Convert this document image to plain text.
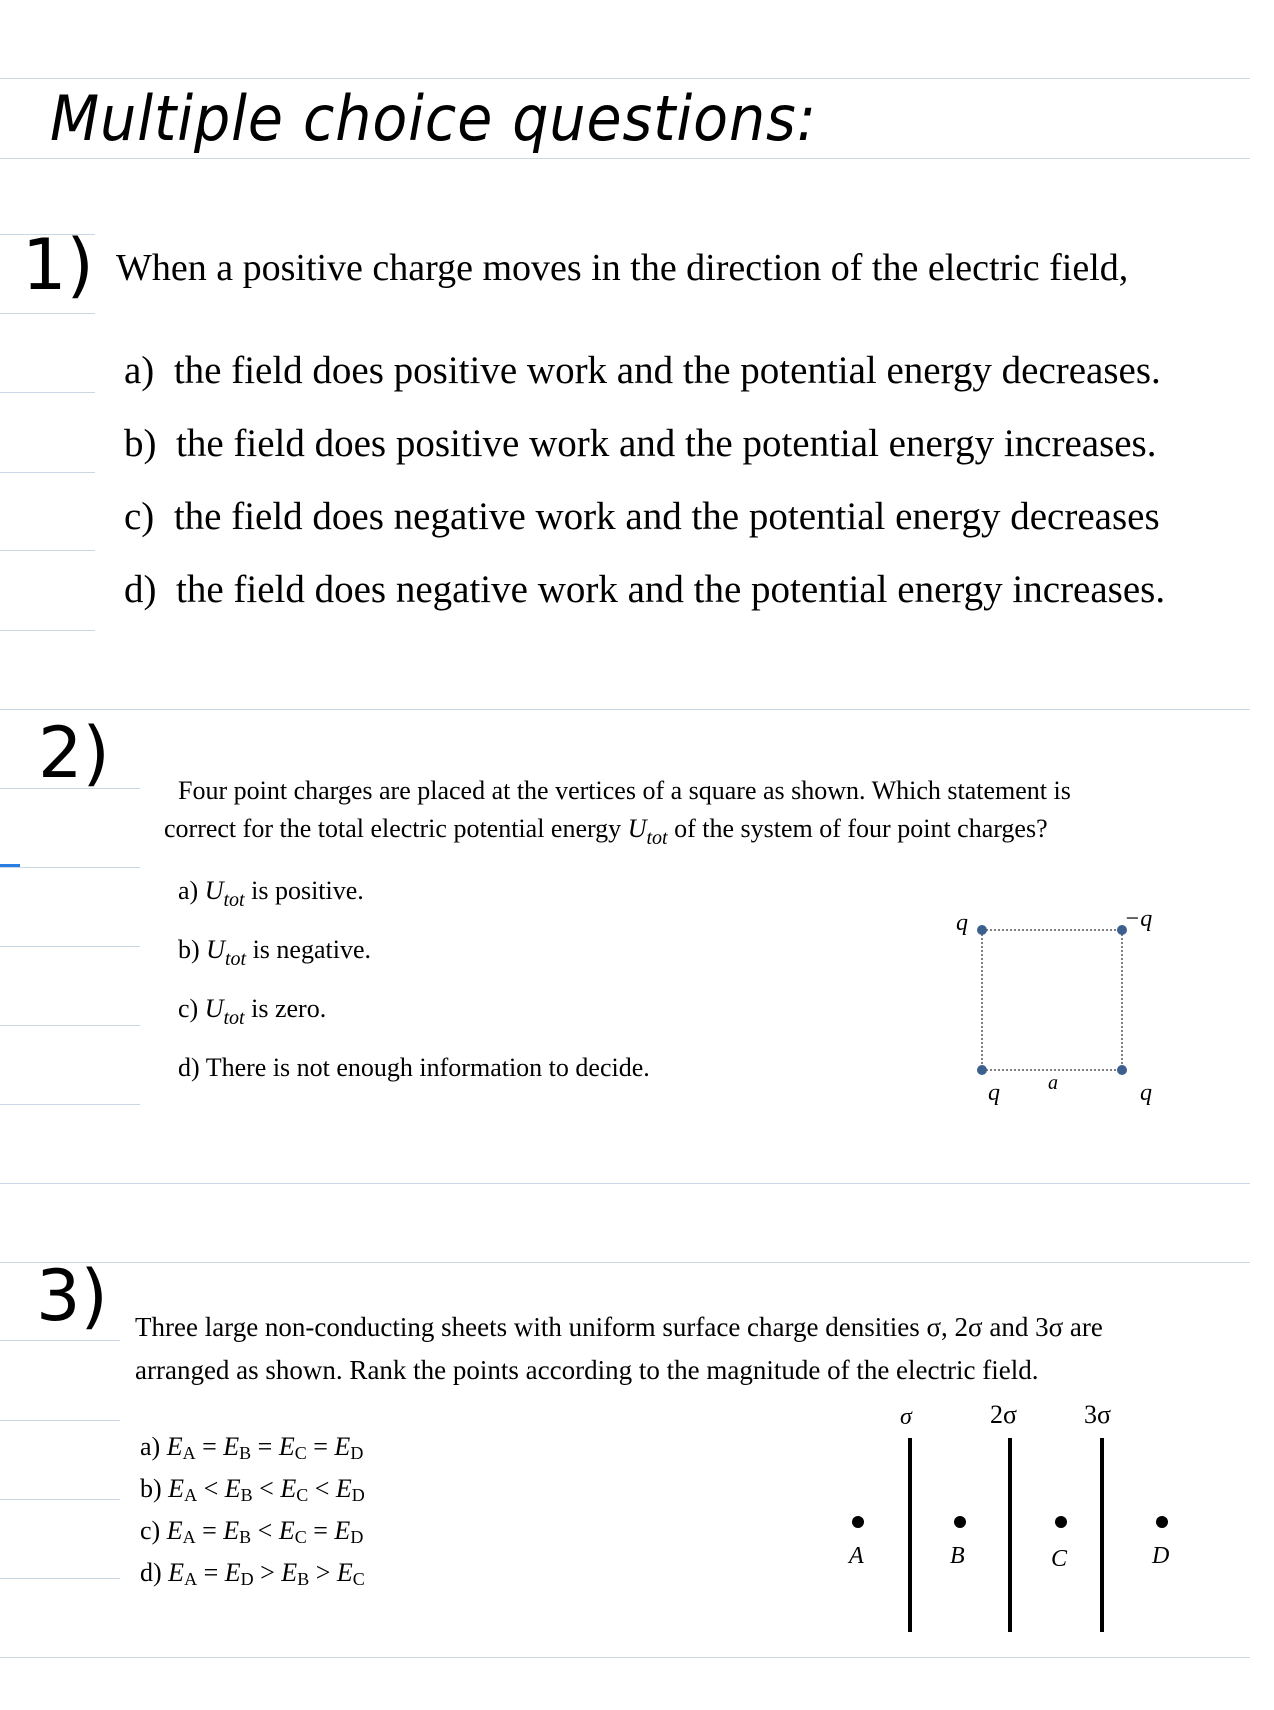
Multiple choice questions:
1) When a positive charge moves in the direction of the electric field,
a) the field does positive work and the potential energy decreases.
b) the field does positive work and the potential energy increases.
c) the field does negative work and the potential energy decreases
d) the field does negative work and the potential energy increases.
2)	Four point charges are placed at the vertices of a square as shown. Which statement is
correct for the total electric potential energy $U_{tot}$ of the system of four point charges?
a) $U_{tot}$ is positive.
b) $U_{tot}$ is negative.
c) $U_{tot}$ is zero.
d) There is not enough information to decide.
q	−q
q	q
a
3) Three large non-conducting sheets with uniform surface charge densities σ, 2σ and 3σ are
arranged as shown. Rank the points according to the magnitude of the electric field.
a) EA = EB = EC = ED
b) EA < EB < EC < ED
c) EA = EB < EC = ED
d) EA = ED > EB > EC
σ	2σ	3σ
A	B	C	D
